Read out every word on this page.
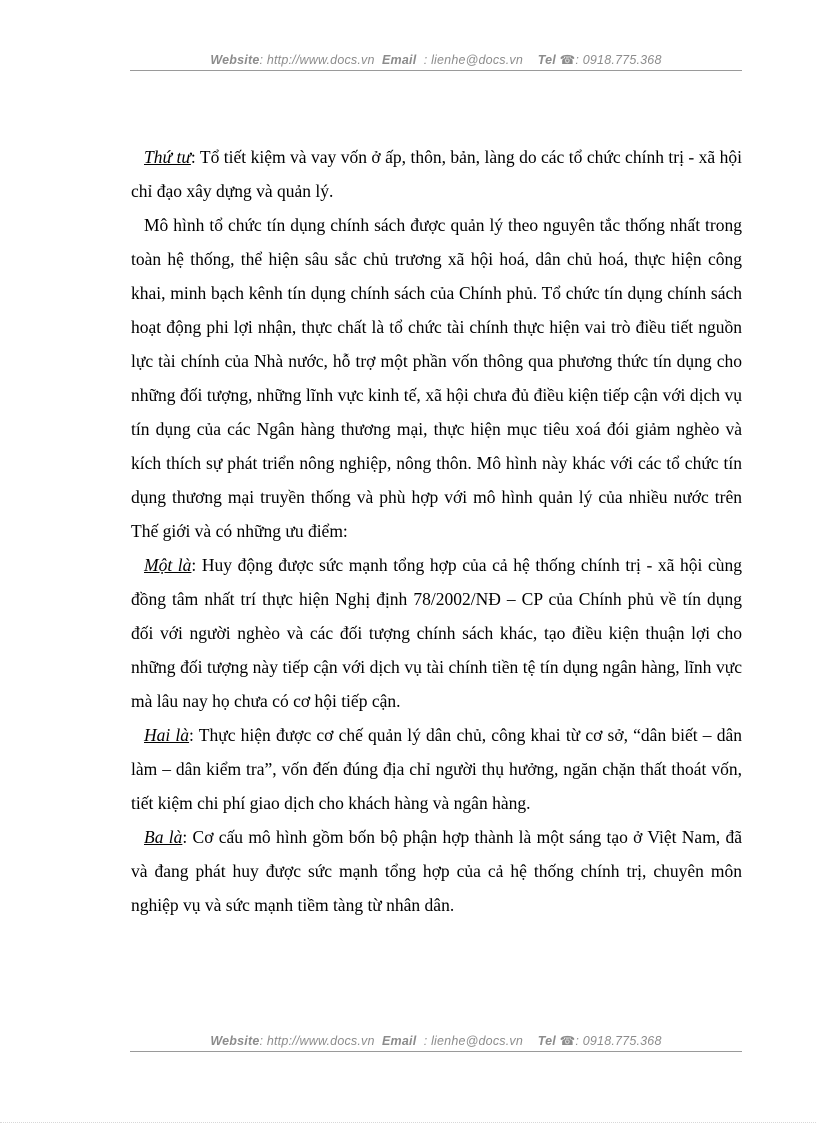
Website: http://www.docs.vn Email : lienhe@docs.vn Tel ☎: 0918.775.368

Thứ tư: Tổ tiết kiệm và vay vốn ở ấp, thôn, bản, làng do các tổ chức chính trị - xã hội chỉ đạo xây dựng và quản lý.

Mô hình tổ chức tín dụng chính sách được quản lý theo nguyên tắc thống nhất trong toàn hệ thống, thể hiện sâu sắc chủ trương xã hội hoá, dân chủ hoá, thực hiện công khai, minh bạch kênh tín dụng chính sách của Chính phủ. Tổ chức tín dụng chính sách hoạt động phi lợi nhận, thực chất là tổ chức tài chính thực hiện vai trò điều tiết nguồn lực tài chính của Nhà nước, hỗ trợ một phần vốn thông qua phương thức tín dụng cho những đối tượng, những lĩnh vực kinh tế, xã hội chưa đủ điều kiện tiếp cận với dịch vụ tín dụng của các Ngân hàng thương mại, thực hiện mục tiêu xoá đói giảm nghèo và kích thích sự phát triển nông nghiệp, nông thôn. Mô hình này khác với các tổ chức tín dụng thương mại truyền thống và phù hợp với mô hình quản lý của nhiều nước trên Thế giới và có những ưu điểm:

Một là: Huy động được sức mạnh tổng hợp của cả hệ thống chính trị - xã hội cùng đồng tâm nhất trí thực hiện Nghị định 78/2002/NĐ – CP của Chính phủ về tín dụng đối với người nghèo và các đối tượng chính sách khác, tạo điều kiện thuận lợi cho những đối tượng này tiếp cận với dịch vụ tài chính tiền tệ tín dụng ngân hàng, lĩnh vực mà lâu nay họ chưa có cơ hội tiếp cận.

Hai là: Thực hiện được cơ chế quản lý dân chủ, công khai từ cơ sở, “dân biết – dân làm – dân kiểm tra”, vốn đến đúng địa chỉ người thụ hưởng, ngăn chặn thất thoát vốn, tiết kiệm chi phí giao dịch cho khách hàng và ngân hàng.

Ba là: Cơ cấu mô hình gồm bốn bộ phận hợp thành là một sáng tạo ở Việt Nam, đã và đang phát huy được sức mạnh tổng hợp của cả hệ thống chính trị, chuyên môn nghiệp vụ và sức mạnh tiềm tàng từ nhân dân.

Website: http://www.docs.vn Email : lienhe@docs.vn Tel ☎: 0918.775.368
